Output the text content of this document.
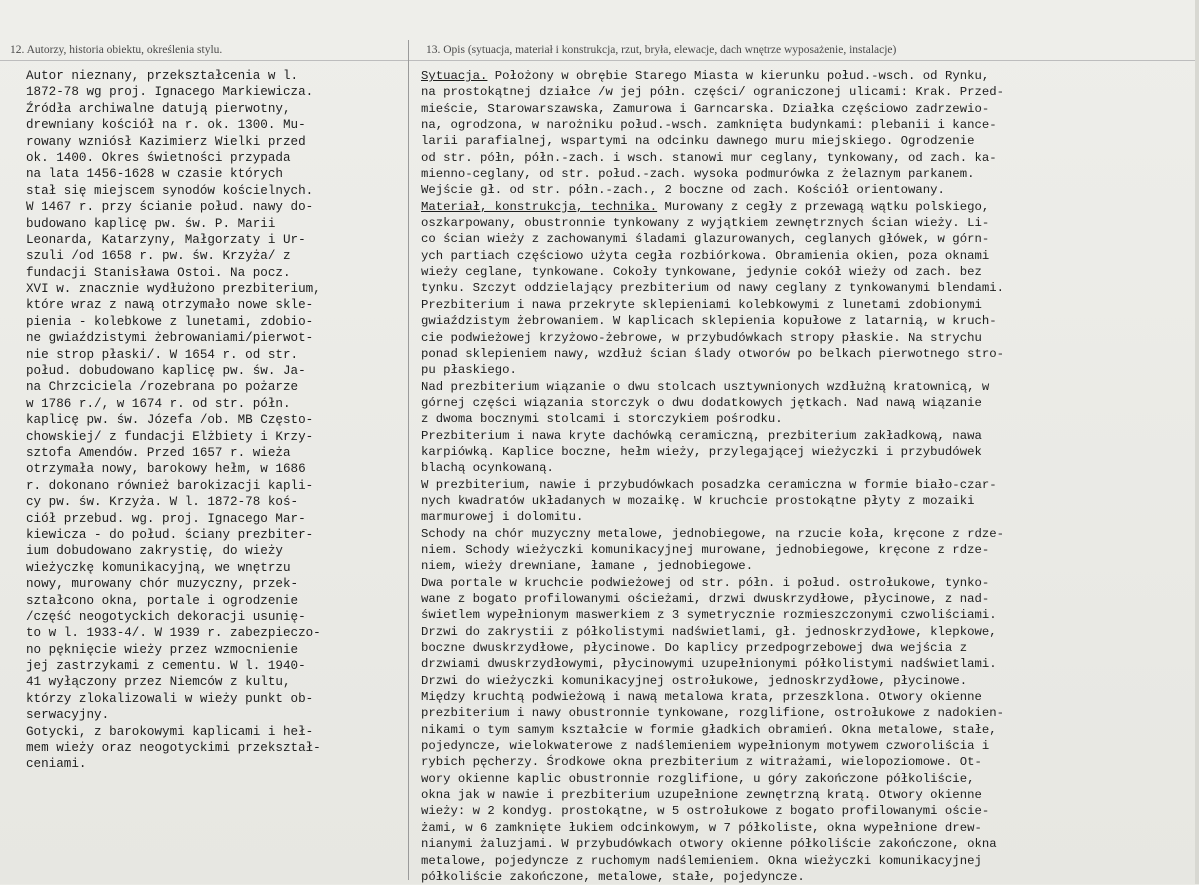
12. Autorzy, historia obiektu, określenia stylu.	13. Opis (sytuacja, materiał i konstrukcja, rzut, bryła, elewacje, dach wnętrze wyposażenie, instalacje)
Autor nieznany, przekształcenia w l.
1872-78 wg proj. Ignacego Markiewicza.
Źródła archiwalne datują pierwotny,
drewniany kościół na r. ok. 1300. Mu-
rowany wzniósł Kazimierz Wielki przed
ok. 1400. Okres świetności przypada
na lata 1456-1628 w czasie których
stał się miejscem synodów kościelnych.
W 1467 r. przy ścianie połud. nawy do-
budowano kaplicę pw. św. P. Marii
Leonarda, Katarzyny, Małgorzaty i Ur-
szuli /od 1658 r. pw. św. Krzyża/ z
fundacji Stanisława Ostoi. Na pocz.
XVI w. znacznie wydłużono prezbiterium,
które wraz z nawą otrzymało nowe skle-
pienia - kolebkowe z lunetami, zdobio-
ne gwiaździstymi żebrowaniami/pierwot-
nie strop płaski/. W 1654 r. od str.
połud. dobudowano kaplicę pw. św. Ja-
na Chrzciciela /rozebrana po pożarze
w 1786 r./, w 1674 r. od str. półn.
kaplicę pw. św. Józefa /ob. MB Często-
chowskiej/ z fundacji Elżbiety i Krzy-
sztofa Amendów. Przed 1657 r. wieża
otrzymała nowy, barokowy hełm, w 1686
r. dokonano również barokizacji kapli-
cy pw. św. Krzyża. W l. 1872-78 koś-
ciół przebud. wg. proj. Ignacego Mar-
kiewicza - do połud. ściany prezbiter-
ium dobudowano zakrystię, do wieży
wieżyczkę komunikacyjną, we wnętrzu
nowy, murowany chór muzyczny, przek-
ształcono okna, portale i ogrodzenie
/część neogotyckich dekoracji usunię-
to w l. 1933-4/. W 1939 r. zabezpieczo-
no pęknięcie wieży przez wzmocnienie
jej zastrzykami z cementu. W l. 1940-
41 wyłączony przez Niemców z kultu,
którzy zlokalizowali w wieży punkt ob-
serwacyjny.
Gotycki, z barokowymi kaplicami i heł-
mem wieży oraz neogotyckimi przekształ-
ceniami.
Sytuacja. Położony w obrębie Starego Miasta w kierunku połud.-wsch. od Rynku,
na prostokątnej działce /w jej półn. części/ ograniczonej ulicami: Krak. Przed-
mieście, Starowarszawska, Zamurowa i Garncarska. Działka częściowo zadrzewio-
na, ogrodzona, w narożniku połud.-wsch. zamknięta budynkami: plebanii i kance-
larii parafialnej, wspartymi na odcinku dawnego muru miejskiego. Ogrodzenie
od str. półn, półn.-zach. i wsch. stanowi mur ceglany, tynkowany, od zach. ka-
mienno-ceglany, od str. połud.-zach. wysoka podmurówka z żelaznym parkanem.
Wejście gł. od str. półn.-zach., 2 boczne od zach. Kościół orientowany.
Materiał, konstrukcja, technika. Murowany z cegły z przewagą wątku polskiego,
oszkarpowany, obustronnie tynkowany z wyjątkiem zewnętrznych ścian wieży. Li-
co ścian wieży z zachowanymi śladami glazurowanych, ceglanych główek, w górn-
ych partiach częściowo użyta cegła rozbiórkowa. Obramienia okien, poza oknami
wieży ceglane, tynkowane. Cokoły tynkowane, jedynie cokół wieży od zach. bez
tynku. Szczyt oddzielający prezbiterium od nawy ceglany z tynkowanymi blendami.
Prezbiterium i nawa przekryte sklepieniami kolebkowymi z lunetami zdobionymi
gwiaździstym żebrowaniem. W kaplicach sklepienia kopułowe z latarnią, w kruch-
cie podwieżowej krzyżowo-żebrowe, w przybudówkach stropy płaskie. Na strychu
ponad sklepieniem nawy, wzdłuż ścian ślady otworów po belkach pierwotnego stro-
pu płaskiego.
Nad prezbiterium wiązanie o dwu stolcach usztywnionych wzdłużną kratownicą, w
górnej części wiązania storczyk o dwu dodatkowych jętkach. Nad nawą wiązanie
z dwoma bocznymi stolcami i storczykiem pośrodku.
Prezbiterium i nawa kryte dachówką ceramiczną, prezbiterium zakładkową, nawa
karpiówką. Kaplice boczne, hełm wieży, przylegającej wieżyczki i przybudówek
blachą ocynkowaną.
W prezbiterium, nawie i przybudówkach posadzka ceramiczna w formie biało-czar-
nych kwadratów układanych w mozaikę. W kruchcie prostokątne płyty z mozaiki
marmurowej i dolomitu.
Schody na chór muzyczny metalowe, jednobiegowe, na rzucie koła, kręcone z rdze-
niem. Schody wieżyczki komunikacyjnej murowane, jednobiegowe, kręcone z rdze-
niem, wieży drewniane, łamane , jednobiegowe.
Dwa portale w kruchcie podwieżowej od str. półn. i połud. ostrołukowe, tynko-
wane z bogato profilowanymi ościeżami, drzwi dwuskrzydłowe, płycinowe, z nad-
świetlem wypełnionym maswerkiem z 3 symetrycznie rozmieszczonymi czwoliściami.
Drzwi do zakrystii z półkolistymi nadświetlami, gł. jednoskrzydłowe, klepkowe,
boczne dwuskrzydłowe, płycinowe. Do kaplicy przedpogrzebowej dwa wejścia z
drzwiami dwuskrzydłowymi, płycinowymi uzupełnionymi półkolistymi nadświetlami.
Drzwi do wieżyczki komunikacyjnej ostrołukowe, jednoskrzydłowe, płycinowe.
Między kruchtą podwieżową i nawą metalowa krata, przeszklona. Otwory okienne
prezbiterium i nawy obustronnie tynkowane, rozglifione, ostrołukowe z nadokien-
nikami o tym samym kształcie w formie gładkich obramień. Okna metalowe, stałe,
pojedyncze, wielokwaterowe z nadślemieniem wypełnionym motywem czworoliścia i
rybich pęcherzy. Środkowe okna prezbiterium z witrażami, wielopoziomowe. Ot-
wory okienne kaplic obustronnie rozglifione, u góry zakończone półkoliście,
okna jak w nawie i prezbiterium uzupełnione zewnętrzną kratą. Otwory okienne
wieży: w 2 kondyg. prostokątne, w 5 ostrołukowe z bogato profilowanymi oście-
żami, w 6 zamknięte łukiem odcinkowym, w 7 półkoliste, okna wypełnione drew-
nianymi żaluzjami. W przybudówkach otwory okienne półkoliście zakończone, okna
metalowe, pojedyncze z ruchomym nadślemieniem. Okna wieżyczki komunikacyjnej
półkoliście zakończone, metalowe, stałe, pojedyncze.
